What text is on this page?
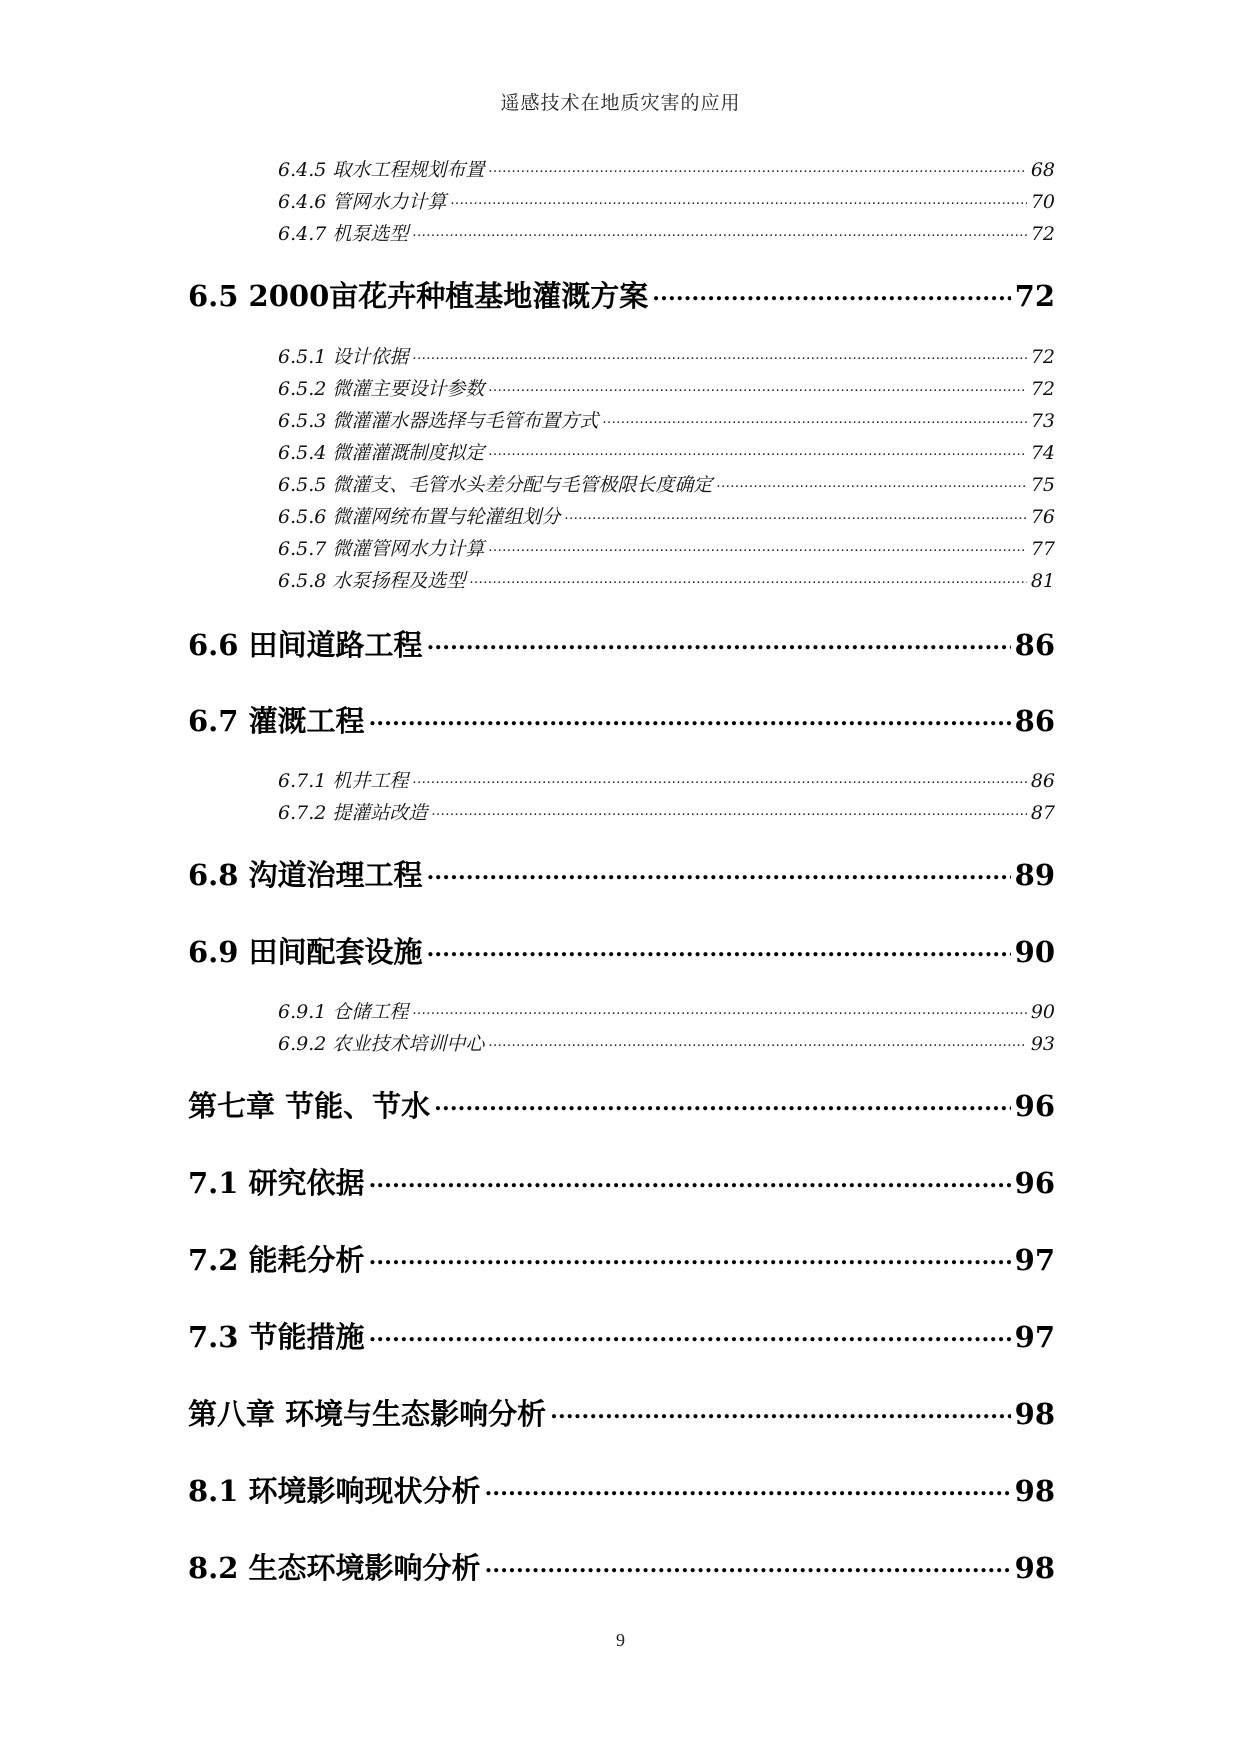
遥感技术在地质灾害的应用
6.4.5 取水工程规划布置 .....	68
6.4.6 管网水力计算 .....	70
6.4.7 机泵选型 .....	72
6.5 2000亩花卉种植基地灌溉方案 .....	72
6.5.1 设计依据 .....	72
6.5.2 微灌主要设计参数 .....	72
6.5.3 微灌灌水器选择与毛管布置方式 .....	73
6.5.4 微灌灌溉制度拟定 .....	74
6.5.5 微灌支、毛管水头差分配与毛管极限长度确定 .....	75
6.5.6 微灌网统布置与轮灌组划分 .....	76
6.5.7 微灌管网水力计算 .....	77
6.5.8 水泵扬程及选型 .....	81
6.6 田间道路工程 .....	86
6.7 灌溉工程 .....	86
6.7.1 机井工程 .....	86
6.7.2 提灌站改造 .....	87
6.8 沟道治理工程 .....	89
6.9 田间配套设施 .....	90
6.9.1 仓储工程 .....	90
6.9.2 农业技术培训中心 .....	93
第七章 节能、节水 .....	96
7.1 研究依据 .....	96
7.2 能耗分析 .....	97
7.3 节能措施 .....	97
第八章 环境与生态影响分析 .....	98
8.1 环境影响现状分析 .....	98
8.2 生态环境影响分析 .....	98
9
